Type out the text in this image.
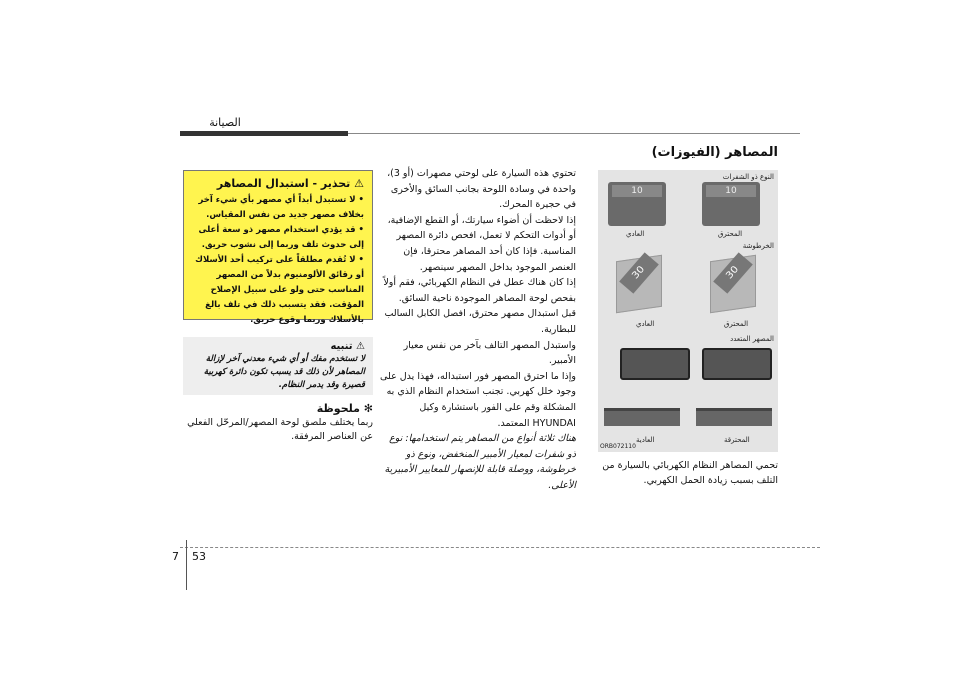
الصيانة
المصاهر (الفيوزات)
النوع ذو الشفرات
10	10
العادي	المحترق
الخرطوشة
30	30
العادي	المحترق
المصهر المتعدد
العادية	المحترقة
ORB072110
تحمي المصاهر النظام الكهربائي بالسيارة من التلف بسبب زيادة الحمل الكهربي.

تحتوي هذه السيارة على لوحتي مصهرات (أو 3)، واحدة في وسادة اللوحة بجانب السائق والأخرى في حجيرة المحرك.

إذا لاحظت أن أضواء سيارتك، أو القطع الإضافية، أو أدوات التحكم لا تعمل، افحص دائرة المصهر المناسبة. فإذا كان أحد المصاهر محترقا، فإن العنصر الموجود بداخل المصهر سينصهر.

إذا كان هناك عطل في النظام الكهربائي، فقم أولاً بفحص لوحة المصاهر الموجودة ناحية السائق.

قبل استبدال مصهر محترق، افصل الكابل السالب للبطارية.

واستبدل المصهر التالف بآخر من نفس معيار الأمبير.

وإذا ما احترق المصهر فور استبداله، فهذا يدل على وجود خلل كهربي. تجنب استخدام النظام الذي به المشكلة وقم على الفور باستشارة وكيل HYUNDAI المعتمد.

هناك ثلاثة أنواع من المصاهر يتم استخدامها: نوع ذو شفرات لمعيار الأمبير المنخفض، ونوع ذو خرطوشة، ووصلة قابلة للإنصهار للمعايير الأمبيرية الأعلى.

⚠ تحذير - استبدال المصاهر
• لا تستبدل أبداً أي مصهر بأي شيء آخر بخلاف مصهر جديد من نفس المقياس.
• قد يؤدي استخدام مصهر ذو سعة أعلى إلى حدوث تلف وربما إلى نشوب حريق.
• لا تُقدم مطلقاً على تركيب أحد الأسلاك أو رقائق الألومنيوم بدلاً من المصهر المناسب حتى ولو على سبيل الإصلاح المؤقت. فقد يتسبب ذلك في تلف بالغ بالأسلاك وربما وقوع حريق.
⚠ تنبيه
لا تستخدم مفك أو أي شيء معدني آخر لإزالة المصاهر لأن ذلك قد يسبب تكون دائرة كهربية قصيرة وقد يدمر النظام.
✻ ملحوظة
ربما يختلف ملصق لوحة المصهر/المرحّل الفعلي عن العناصر المرفقة.
7 53
